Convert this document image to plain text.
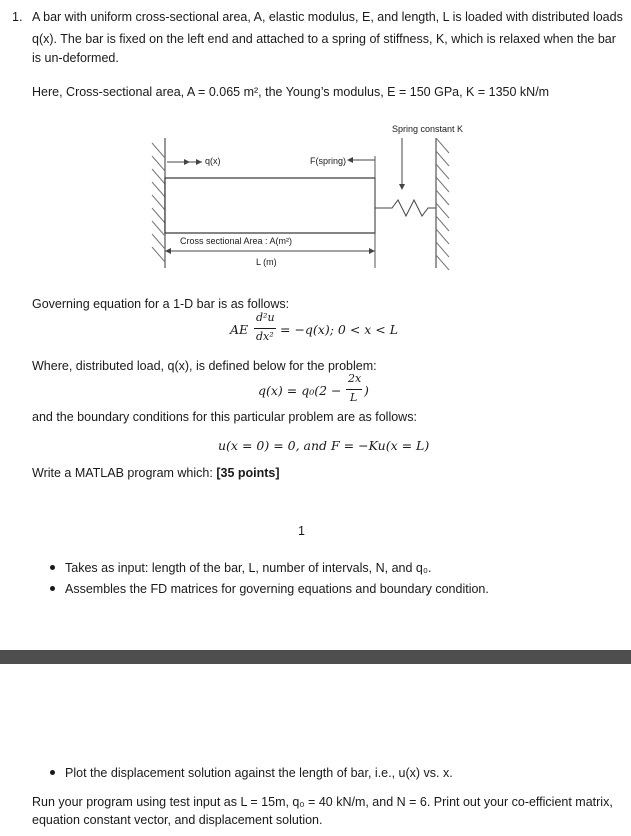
1. A bar with uniform cross-sectional area, A, elastic modulus, E, and length, L is loaded with distributed loads
q(x). The bar is fixed on the left end and attached to a spring of stiffness, K, which is relaxed when the bar
is un-deformed.
Here, Cross-sectional area, A = 0.065 m², the Young’s modulus, E = 150 GPa, K = 1350 kN/m
Spring constant K
q(x)	F(spring)
Cross sectional Area : A(m²)
L (m)
Governing equation for a 1-D bar is as follows:
AE
d²u
dx² = −q(x); 0 < x < L
Where, distributed load, q(x), is defined below for the problem:
q(x) = q₀(2 −
2x
L )
and the boundary conditions for this particular problem are as follows:
u(x = 0) = 0, and F = −Ku(x = L)
Write a MATLAB program which: [35 points]
1
Takes as input: length of the bar, L, number of intervals, N, and q₀.
Assembles the FD matrices for governing equations and boundary condition.
Plot the displacement solution against the length of bar, i.e., u(x) vs. x.
Run your program using test input as L = 15m, q₀ = 40 kN/m, and N = 6. Print out your co-efficient matrix,
equation constant vector, and displacement solution.
